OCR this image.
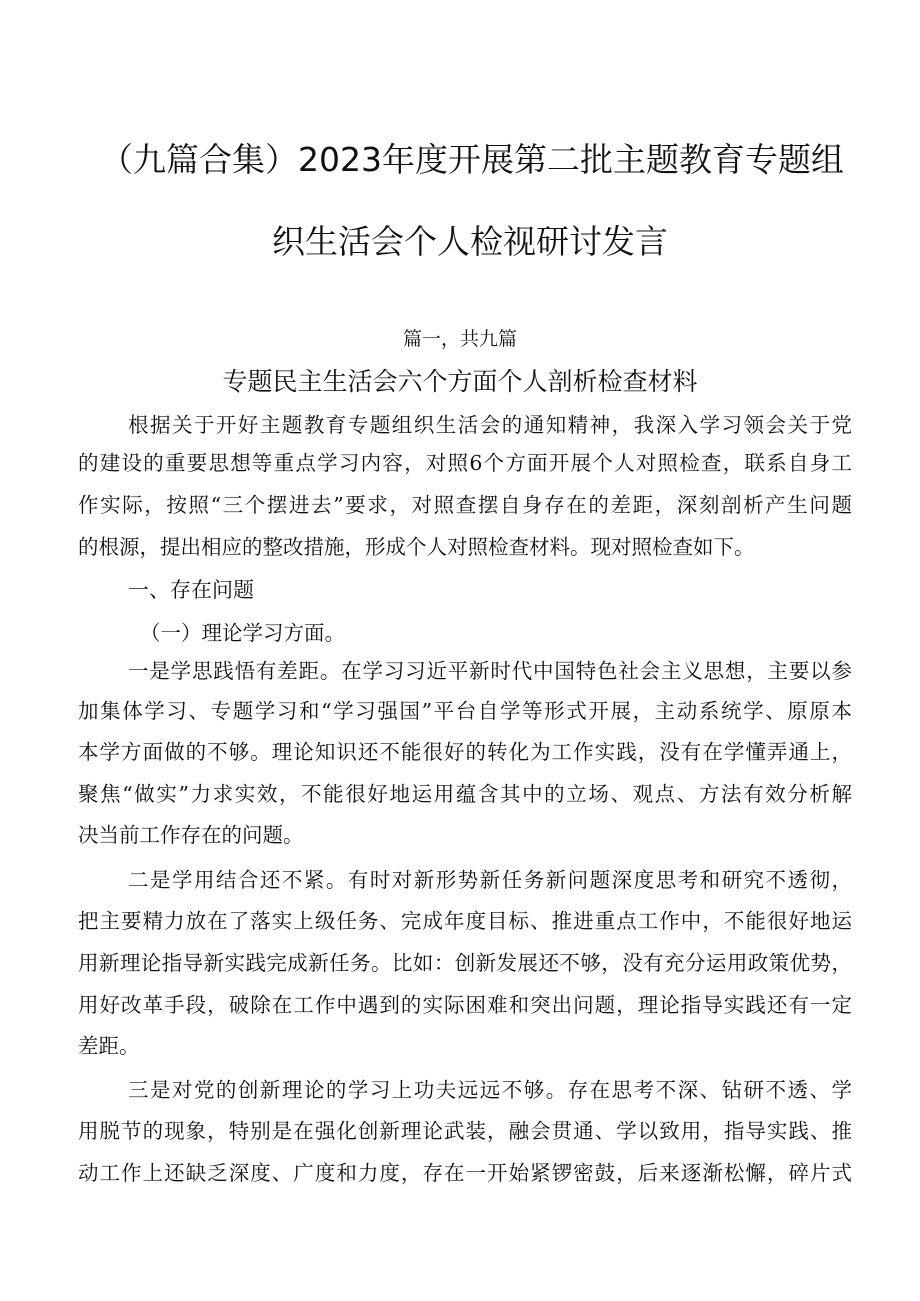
（九篇合集）2023年度开展第二批主题教育专题组
织生活会个人检视研讨发言
篇一，共九篇
专题民主生活会六个方面个人剖析检查材料
根据关于开好主题教育专题组织生活会的通知精神，我深入学习领会关于党
的建设的重要思想等重点学习内容，对照6个方面开展个人对照检查，联系自身工
作实际，按照“三个摆进去”要求，对照查摆自身存在的差距，深刻剖析产生问题
的根源，提出相应的整改措施，形成个人对照检查材料。现对照检查如下。
一、存在问题
（一）理论学习方面。
一是学思践悟有差距。在学习习近平新时代中国特色社会主义思想，主要以参
加集体学习、专题学习和“学习强国”平台自学等形式开展，主动系统学、原原本
本学方面做的不够。理论知识还不能很好的转化为工作实践，没有在学懂弄通上，
聚焦“做实”力求实效，不能很好地运用蕴含其中的立场、观点、方法有效分析解
决当前工作存在的问题。
二是学用结合还不紧。有时对新形势新任务新问题深度思考和研究不透彻，
把主要精力放在了落实上级任务、完成年度目标、推进重点工作中，不能很好地运
用新理论指导新实践完成新任务。比如：创新发展还不够，没有充分运用政策优势，
用好改革手段，破除在工作中遇到的实际困难和突出问题，理论指导实践还有一定
差距。
三是对党的创新理论的学习上功夫远远不够。存在思考不深、钻研不透、学
用脱节的现象，特别是在强化创新理论武装，融会贯通、学以致用，指导实践、推
动工作上还缺乏深度、广度和力度，存在一开始紧锣密鼓，后来逐渐松懈，碎片式
